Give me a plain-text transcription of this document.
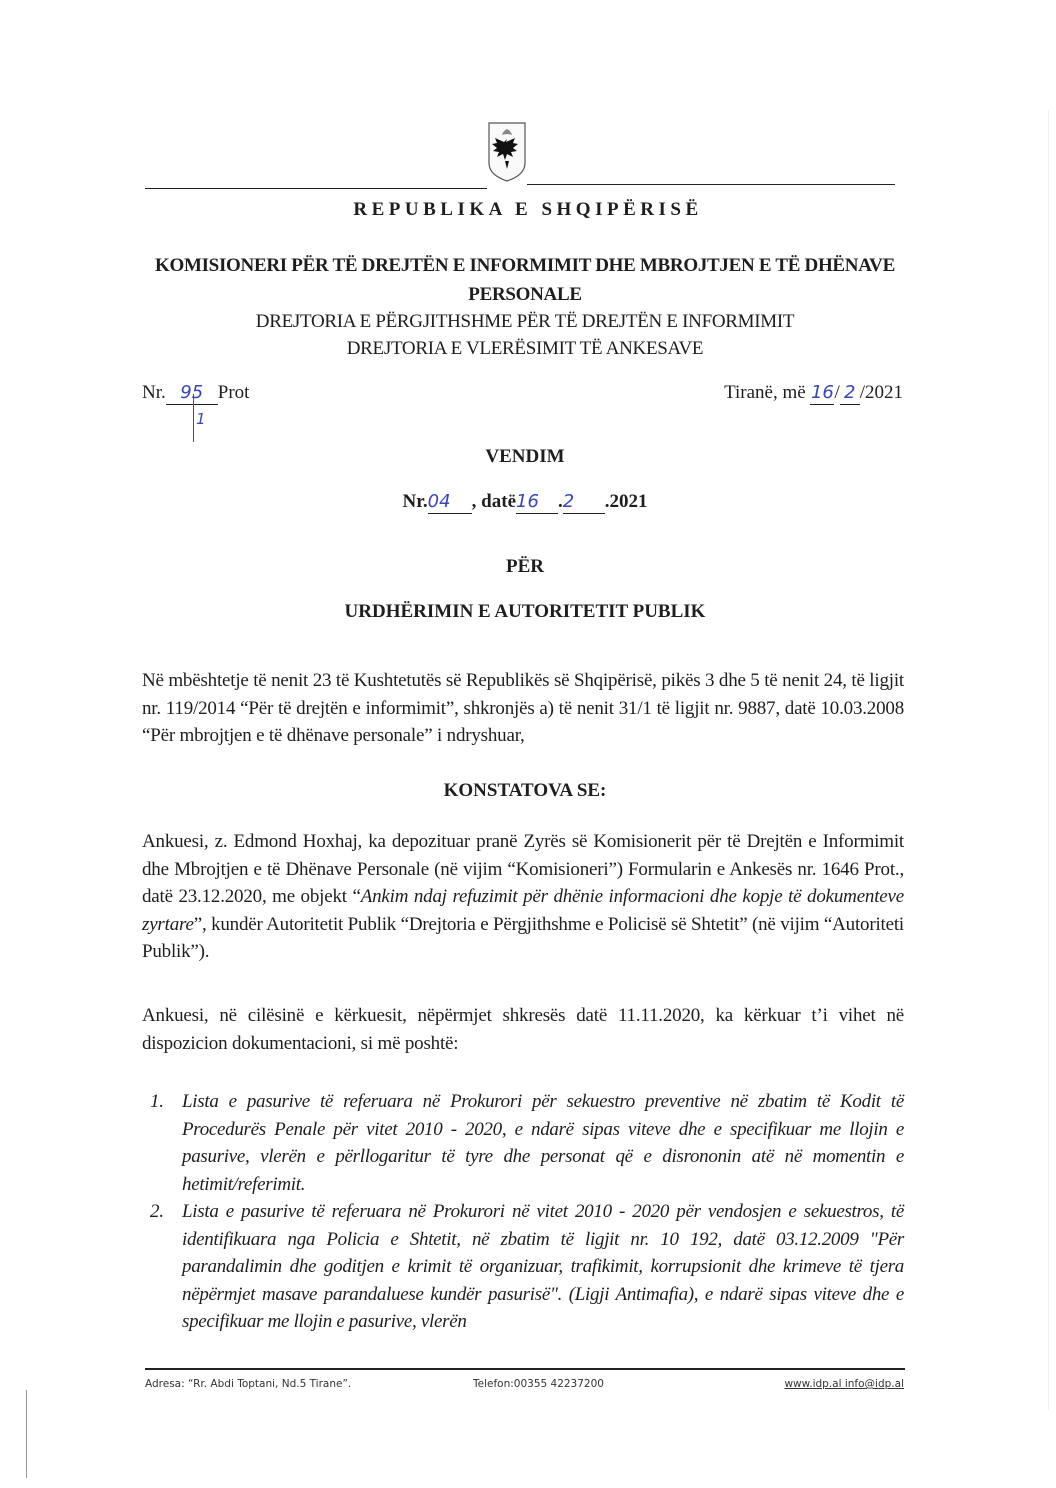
REPUBLIKA E SHQIPËRISË
KOMISIONERI PËR TË DREJTËN E INFORMIMIT DHE MBROJTJEN E TË DHËNAVE PERSONALE
DREJTORIA E PËRGJITHSHME PËR TË DREJTËN E INFORMIMIT
DREJTORIA E VLERËSIMIT TË ANKESAVE
Nr. 95 Prot
1
Tiranë, më 16/ 2 /2021
VENDIM
Nr.04 , datë16 .2 .2021
PËR
URDHËRIMIN E AUTORITETIT PUBLIK
Në mbështetje të nenit 23 të Kushtetutës së Republikës së Shqipërisë, pikës 3 dhe 5 të nenit 24, të ligjit nr. 119/2014 “Për të drejtën e informimit”, shkronjës a) të nenit 31/1 të ligjit nr. 9887, datë 10.03.2008 “Për mbrojtjen e të dhënave personale” i ndryshuar,
KONSTATOVA SE:
Ankuesi, z. Edmond Hoxhaj, ka depozituar pranë Zyrës së Komisionerit për të Drejtën e Informimit dhe Mbrojtjen e të Dhënave Personale (në vijim “Komisioneri”) Formularin e Ankesës nr. 1646 Prot., datë 23.12.2020, me objekt “Ankim ndaj refuzimit për dhënie informacioni dhe kopje të dokumenteve zyrtare”, kundër Autoritetit Publik “Drejtoria e Përgjithshme e Policisë së Shtetit” (në vijim “Autoriteti Publik”).
Ankuesi, në cilësinë e kërkuesit, nëpërmjet shkresës datë 11.11.2020, ka kërkuar t’i vihet në dispozicion dokumentacioni, si më poshtë:
1. Lista e pasurive të referuara në Prokurori për sekuestro preventive në zbatim të Kodit të Procedurës Penale për vitet 2010 - 2020, e ndarë sipas viteve dhe e specifikuar me llojin e pasurive, vlerën e përllogaritur të tyre dhe personat që e disrononin atë në momentin e hetimit/referimit.
2. Lista e pasurive të referuara në Prokurori në vitet 2010 - 2020 për vendosjen e sekuestros, të identifikuara nga Policia e Shtetit, në zbatim të ligjit nr. 10 192, datë 03.12.2009 "Për parandalimin dhe goditjen e krimit të organizuar, trafikimit, korrupsionit dhe krimeve të tjera nëpërmjet masave parandaluese kundër pasurisë". (Ligji Antimafia), e ndarë sipas viteve dhe e specifikuar me llojin e pasurive, vlerën
Adresa: “Rr. Abdi Toptani, Nd.5 Tirane”.	Telefon:00355 42237200	www.idp.al info@idp.al
